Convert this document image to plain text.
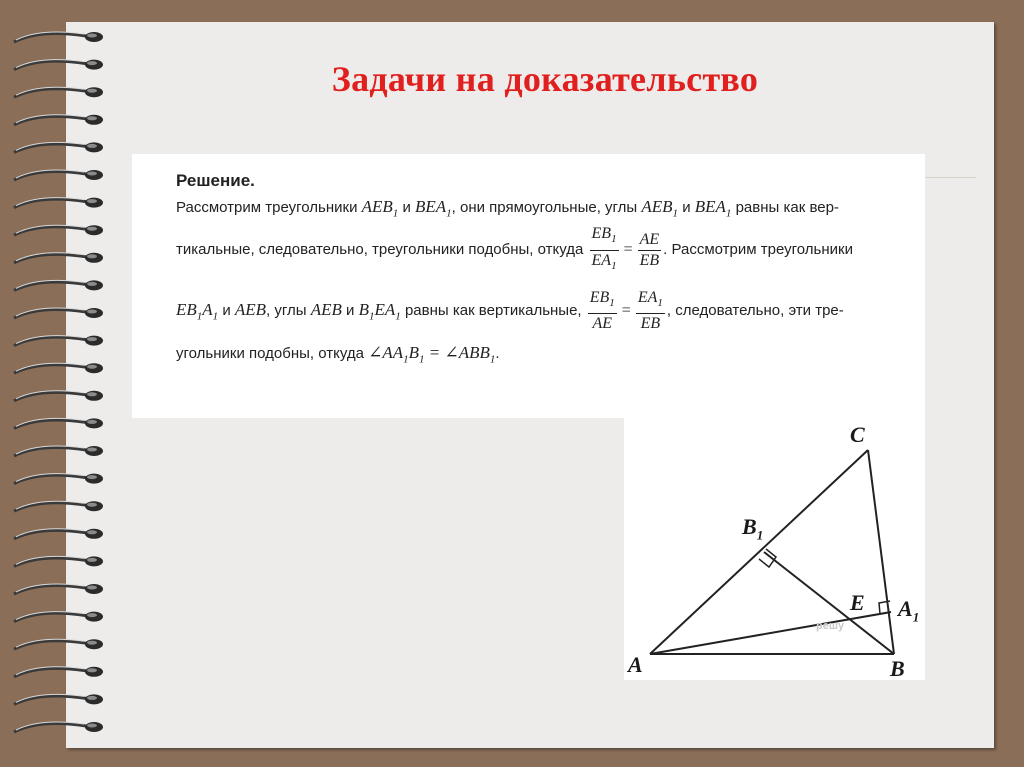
Задачи на доказательство
Решение.
Рассмотрим треугольники $AEB_1$ и $BEA_1$, они прямоугольные, углы $AEB_1$ и $BEA_1$ равны как вер-
тикальные, следовательно, треугольники подобны, откуда $\frac{EB_1}{EA_1} = \frac{AE}{EB}$ . Рассмотрим треугольники
$EB_1A_1$ и AEB, углы AEB и $B_1EA_1$ равны как вертикальные, $\frac{EB_1}{AE} = \frac{EA_1}{EB}$ , следовательно, эти тре-
угольники подобны, откуда $\angle AA_1B_1$ = $\angle ABB_1$.
решу
A	B
C
E
$B_1$
$A_1$
